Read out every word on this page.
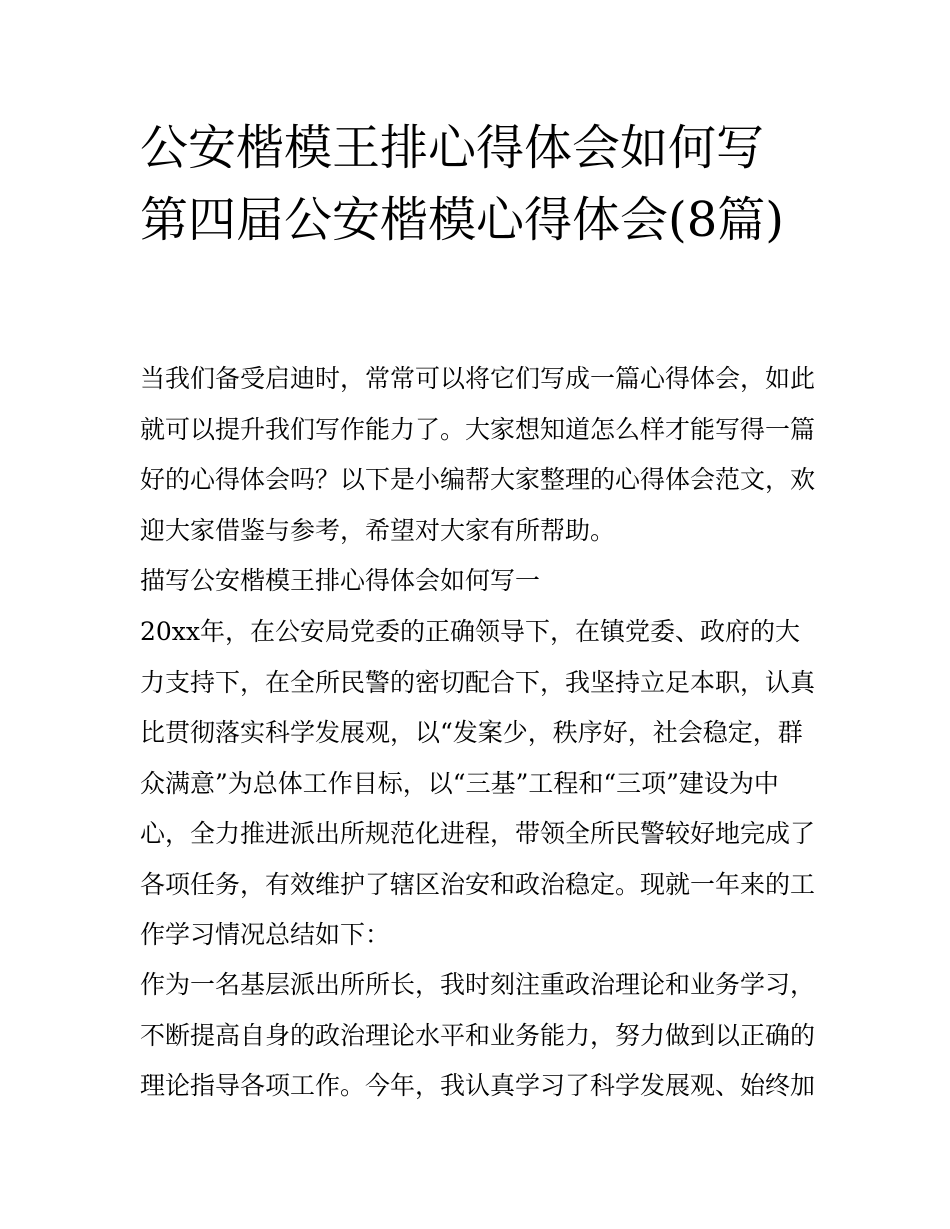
公安楷模王排心得体会如何写第四届公安楷模心得体会(8篇)

当我们备受启迪时，常常可以将它们写成一篇心得体会，如此就可以提升我们写作能力了。大家想知道怎么样才能写得一篇好的心得体会吗？以下是小编帮大家整理的心得体会范文，欢迎大家借鉴与参考，希望对大家有所帮助。

描写公安楷模王排心得体会如何写一

20xx年，在公安局党委的正确领导下，在镇党委、政府的大力支持下，在全所民警的密切配合下，我坚持立足本职，认真比贯彻落实科学发展观，以“发案少，秩序好，社会稳定，群众满意”为总体工作目标，以“三基”工程和“三项”建设为中心，全力推进派出所规范化进程，带领全所民警较好地完成了各项任务，有效维护了辖区治安和政治稳定。现就一年来的工作学习情况总结如下：

作为一名基层派出所所长，我时刻注重政治理论和业务学习，不断提高自身的政治理论水平和业务能力，努力做到以正确的理论指导各项工作。今年，我认真学习了科学发展观、始终加
